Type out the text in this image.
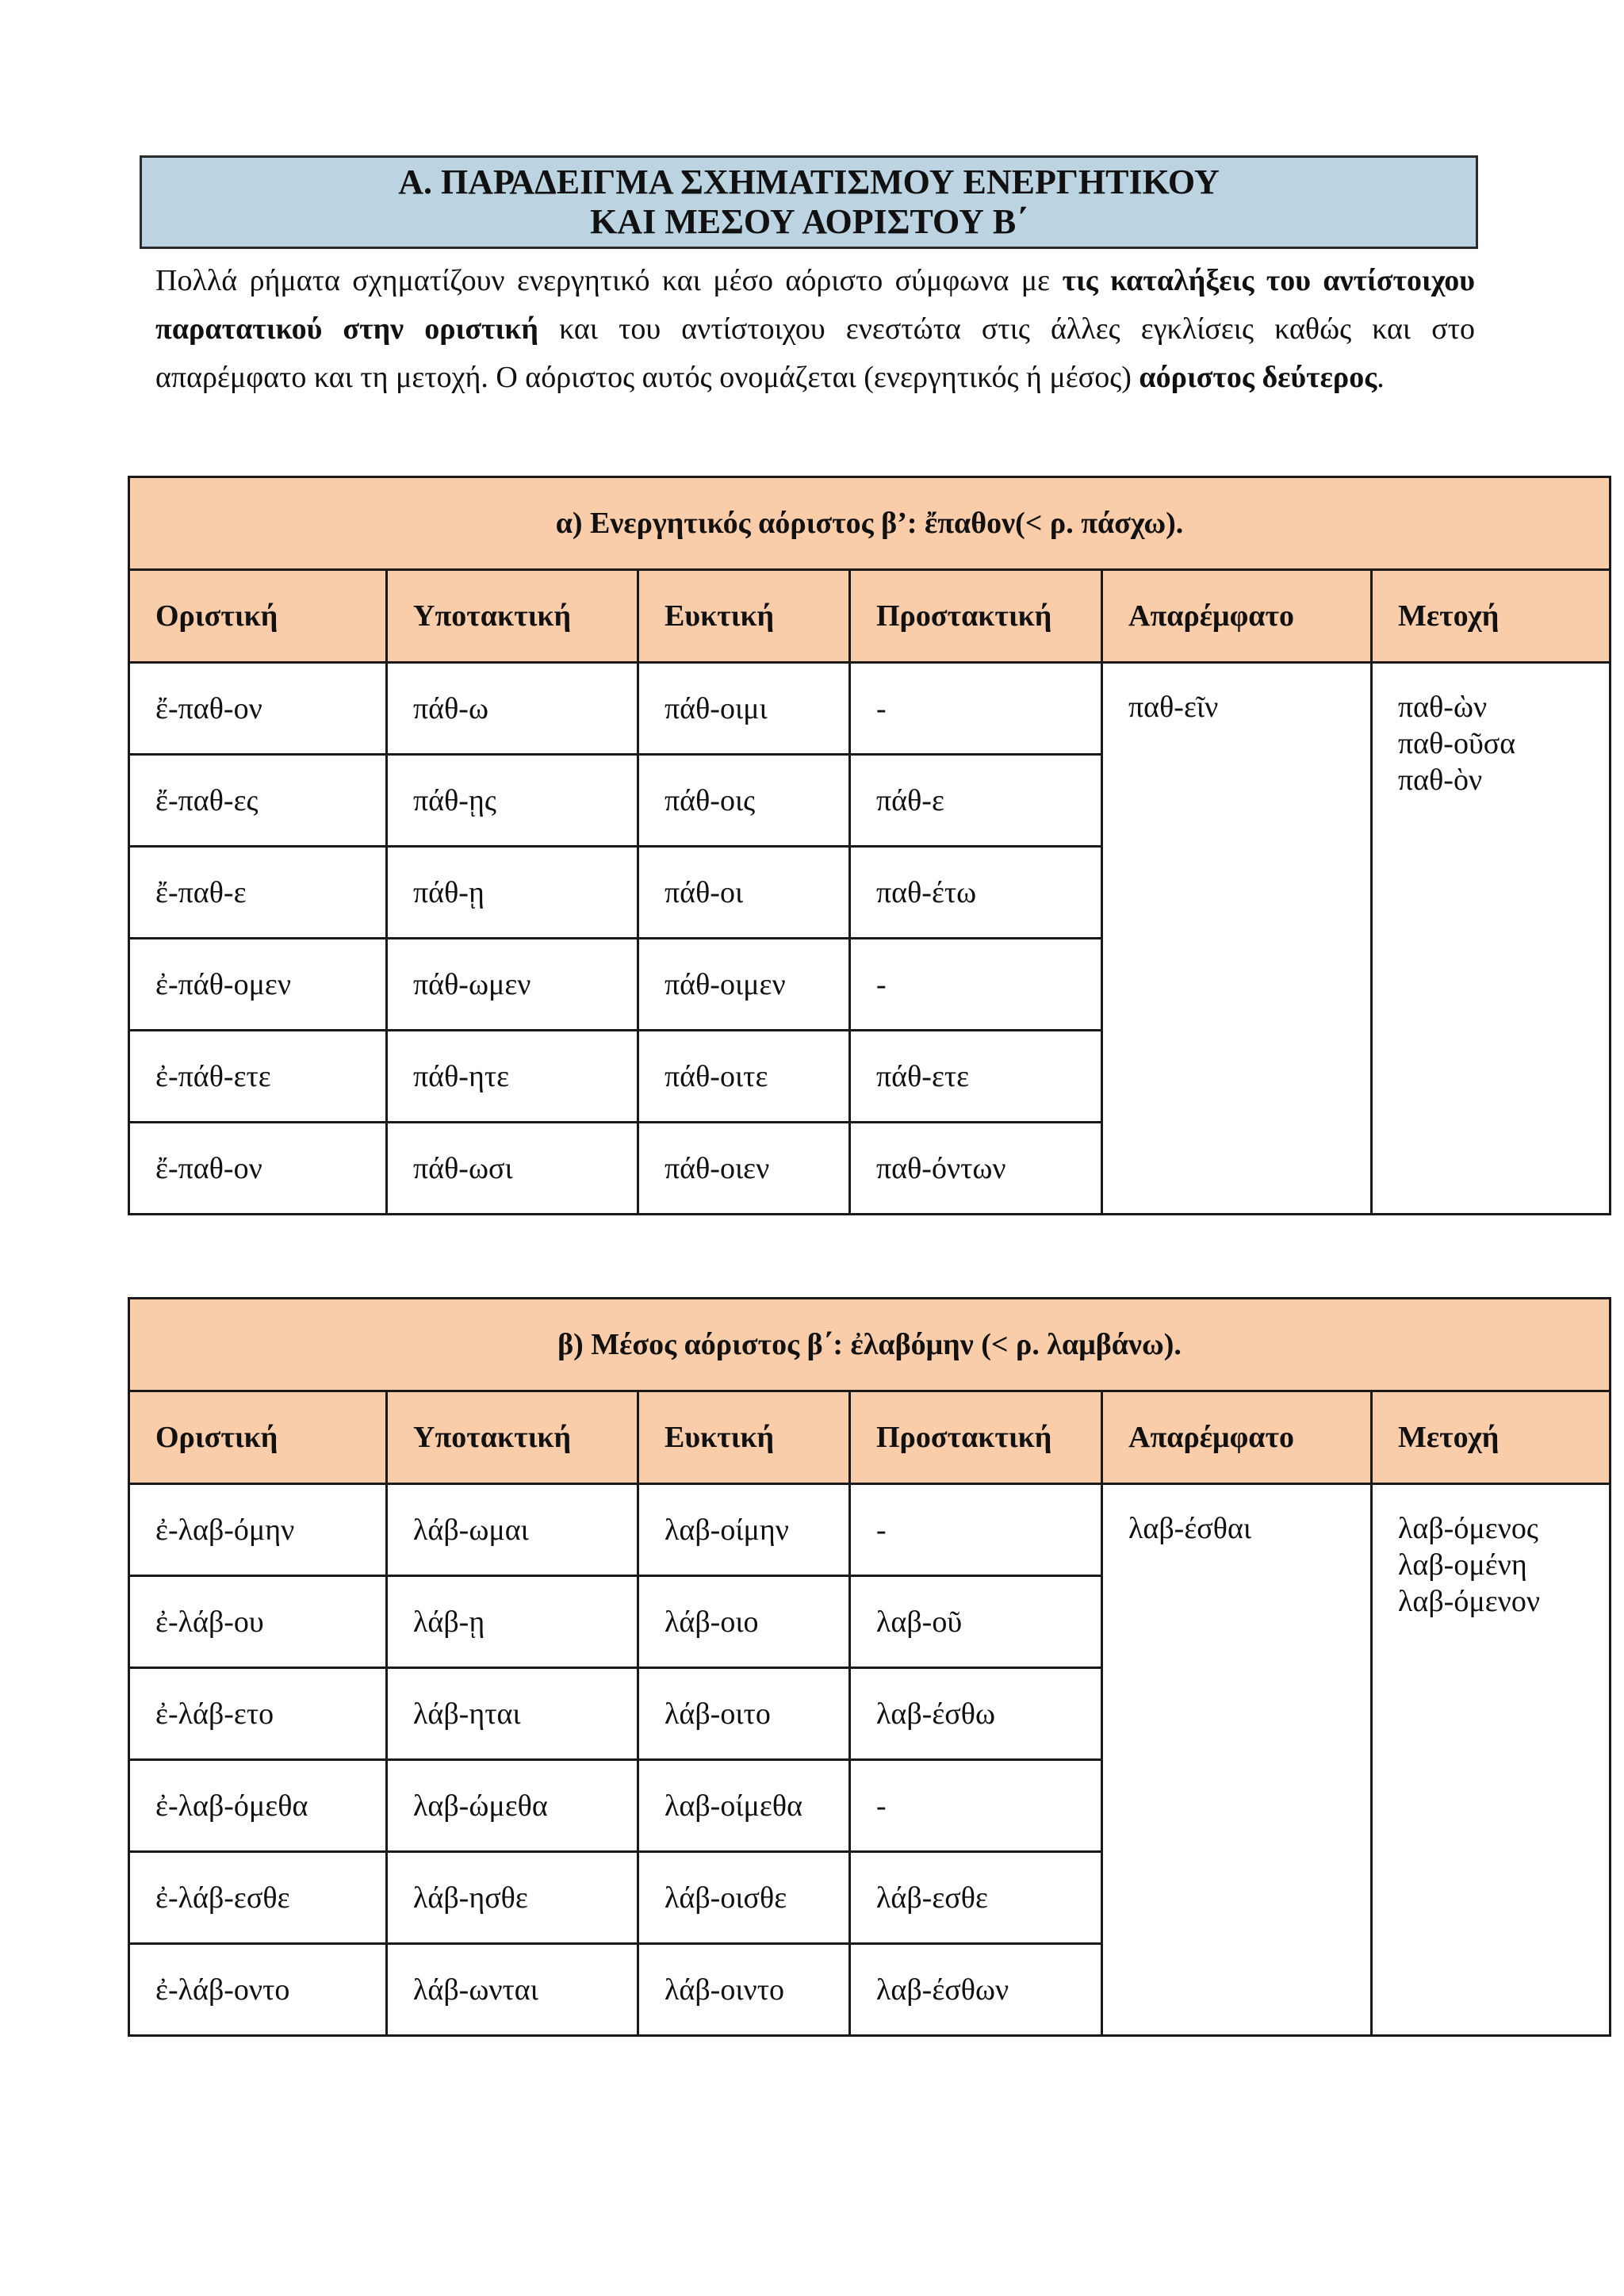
Α. ΠΑΡΑΔΕΙΓΜΑ ΣΧΗΜΑΤΙΣΜΟΥ ΕΝΕΡΓΗΤΙΚΟΥ
ΚΑΙ ΜΕΣΟΥ ΑΟΡΙΣΤΟΥ Β΄
Πολλά ρήματα σχηματίζουν ενεργητικό και μέσο αόριστο σύμφωνα με τις καταλήξεις του αντίστοιχου παρατατικού στην οριστική και του αντίστοιχου ενεστώτα στις άλλες εγκλίσεις καθώς και στο απαρέμφατο και τη μετοχή. Ο αόριστος αυτός ονομάζεται (ενεργητικός ή μέσος) αόριστος δεύτερος.
α) Ενεργητικός αόριστος β’: ἔπαθον(< ρ. πάσχω).					
Οριστική	Υποτακτική	Ευκτική	Προστακτική	Απαρέμφατο	Μετοχή
ἔ-παθ-ον	πάθ-ω	πάθ-οιμι	-	παθ-εῖν	παθ-ὼν
παθ-οῦσα
παθ-ὸν

ἔ-παθ-ες	πάθ-ῃς	πάθ-οις	πάθ-ε		
ἔ-παθ-ε	πάθ-ῃ	πάθ-οι	παθ-έτω		
ἐ-πάθ-ομεν	πάθ-ωμεν	πάθ-οιμεν	-		
ἐ-πάθ-ετε	πάθ-ητε	πάθ-οιτε	πάθ-ετε		
ἔ-παθ-ον	πάθ-ωσι	πάθ-οιεν	παθ-όντων		
β) Μέσος αόριστος β΄: ἐλαβόμην (< ρ. λαμβάνω).					
Οριστική	Υποτακτική	Ευκτική	Προστακτική	Απαρέμφατο	Μετοχή
ἐ-λαβ-όμην	λάβ-ωμαι	λαβ-οίμην	-	λαβ-έσθαι	λαβ-όμενος
λαβ-ομένη
λαβ-όμενον

ἐ-λάβ-ου	λάβ-ῃ	λάβ-οιο	λαβ-οῦ		
ἐ-λάβ-ετο	λάβ-ηται	λάβ-οιτο	λαβ-έσθω		
ἐ-λαβ-όμεθα	λαβ-ώμεθα	λαβ-οίμεθα	-		
ἐ-λάβ-εσθε	λάβ-ησθε	λάβ-οισθε	λάβ-εσθε		
ἐ-λάβ-οντο	λάβ-ωνται	λάβ-οιντο	λαβ-έσθων		
